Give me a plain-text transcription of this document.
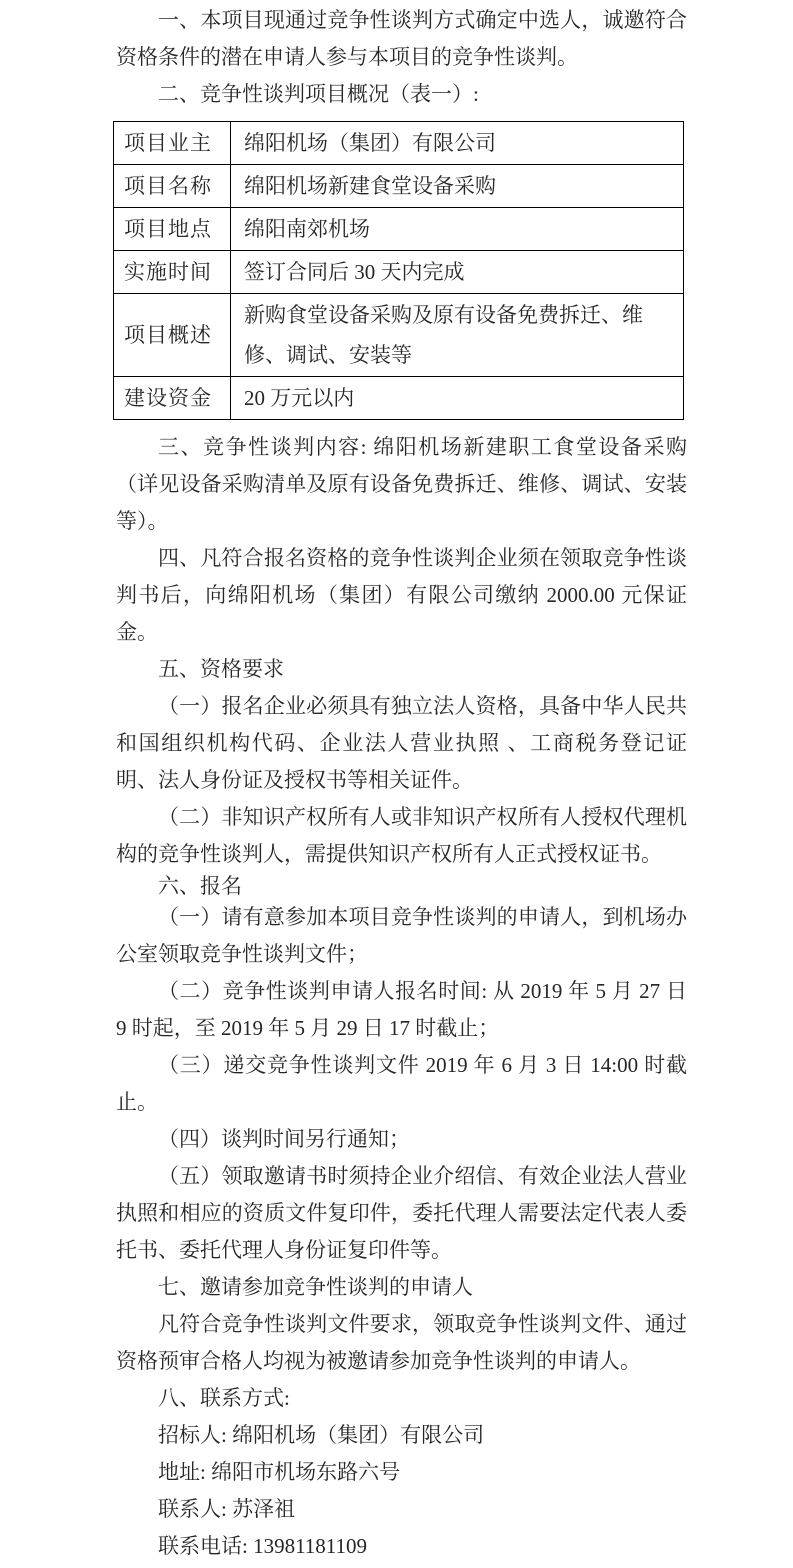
一、本项目现通过竞争性谈判方式确定中选人，诚邀符合资格条件的潜在申请人参与本项目的竞争性谈判。

二、竞争性谈判项目概况（表一）:

项目业主	绵阳机场（集团）有限公司
项目名称	绵阳机场新建食堂设备采购
项目地点	绵阳南郊机场
实施时间	签订合同后 30 天内完成
项目概述	新购食堂设备采购及原有设备免费拆迁、维修、调试、安装等
建设资金	20 万元以内

三、竞争性谈判内容: 绵阳机场新建职工食堂设备采购（详见设备采购清单及原有设备免费拆迁、维修、调试、安装等）。

四、凡符合报名资格的竞争性谈判企业须在领取竞争性谈判书后，向绵阳机场（集团）有限公司缴纳 2000.00 元保证金。

五、资格要求

（一）报名企业必须具有独立法人资格，具备中华人民共和国组织机构代码、企业法人营业执照 、工商税务登记证明、法人身份证及授权书等相关证件。

（二）非知识产权所有人或非知识产权所有人授权代理机构的竞争性谈判人，需提供知识产权所有人正式授权证书。

六、报名

（一）请有意参加本项目竞争性谈判的申请人，到机场办公室领取竞争性谈判文件；

（二）竞争性谈判申请人报名时间: 从 2019 年 5 月 27 日 9 时起，至 2019 年 5 月 29 日 17 时截止；

（三）递交竞争性谈判文件 2019 年 6 月 3 日 14:00 时截止。

（四）谈判时间另行通知；

（五）领取邀请书时须持企业介绍信、有效企业法人营业执照和相应的资质文件复印件，委托代理人需要法定代表人委托书、委托代理人身份证复印件等。

七、邀请参加竞争性谈判的申请人

凡符合竞争性谈判文件要求，领取竞争性谈判文件、通过资格预审合格人均视为被邀请参加竞争性谈判的申请人。

八、联系方式:

招标人: 绵阳机场（集团）有限公司

地址: 绵阳市机场东路六号

联系人: 苏泽祖

联系电话: 13981181109
